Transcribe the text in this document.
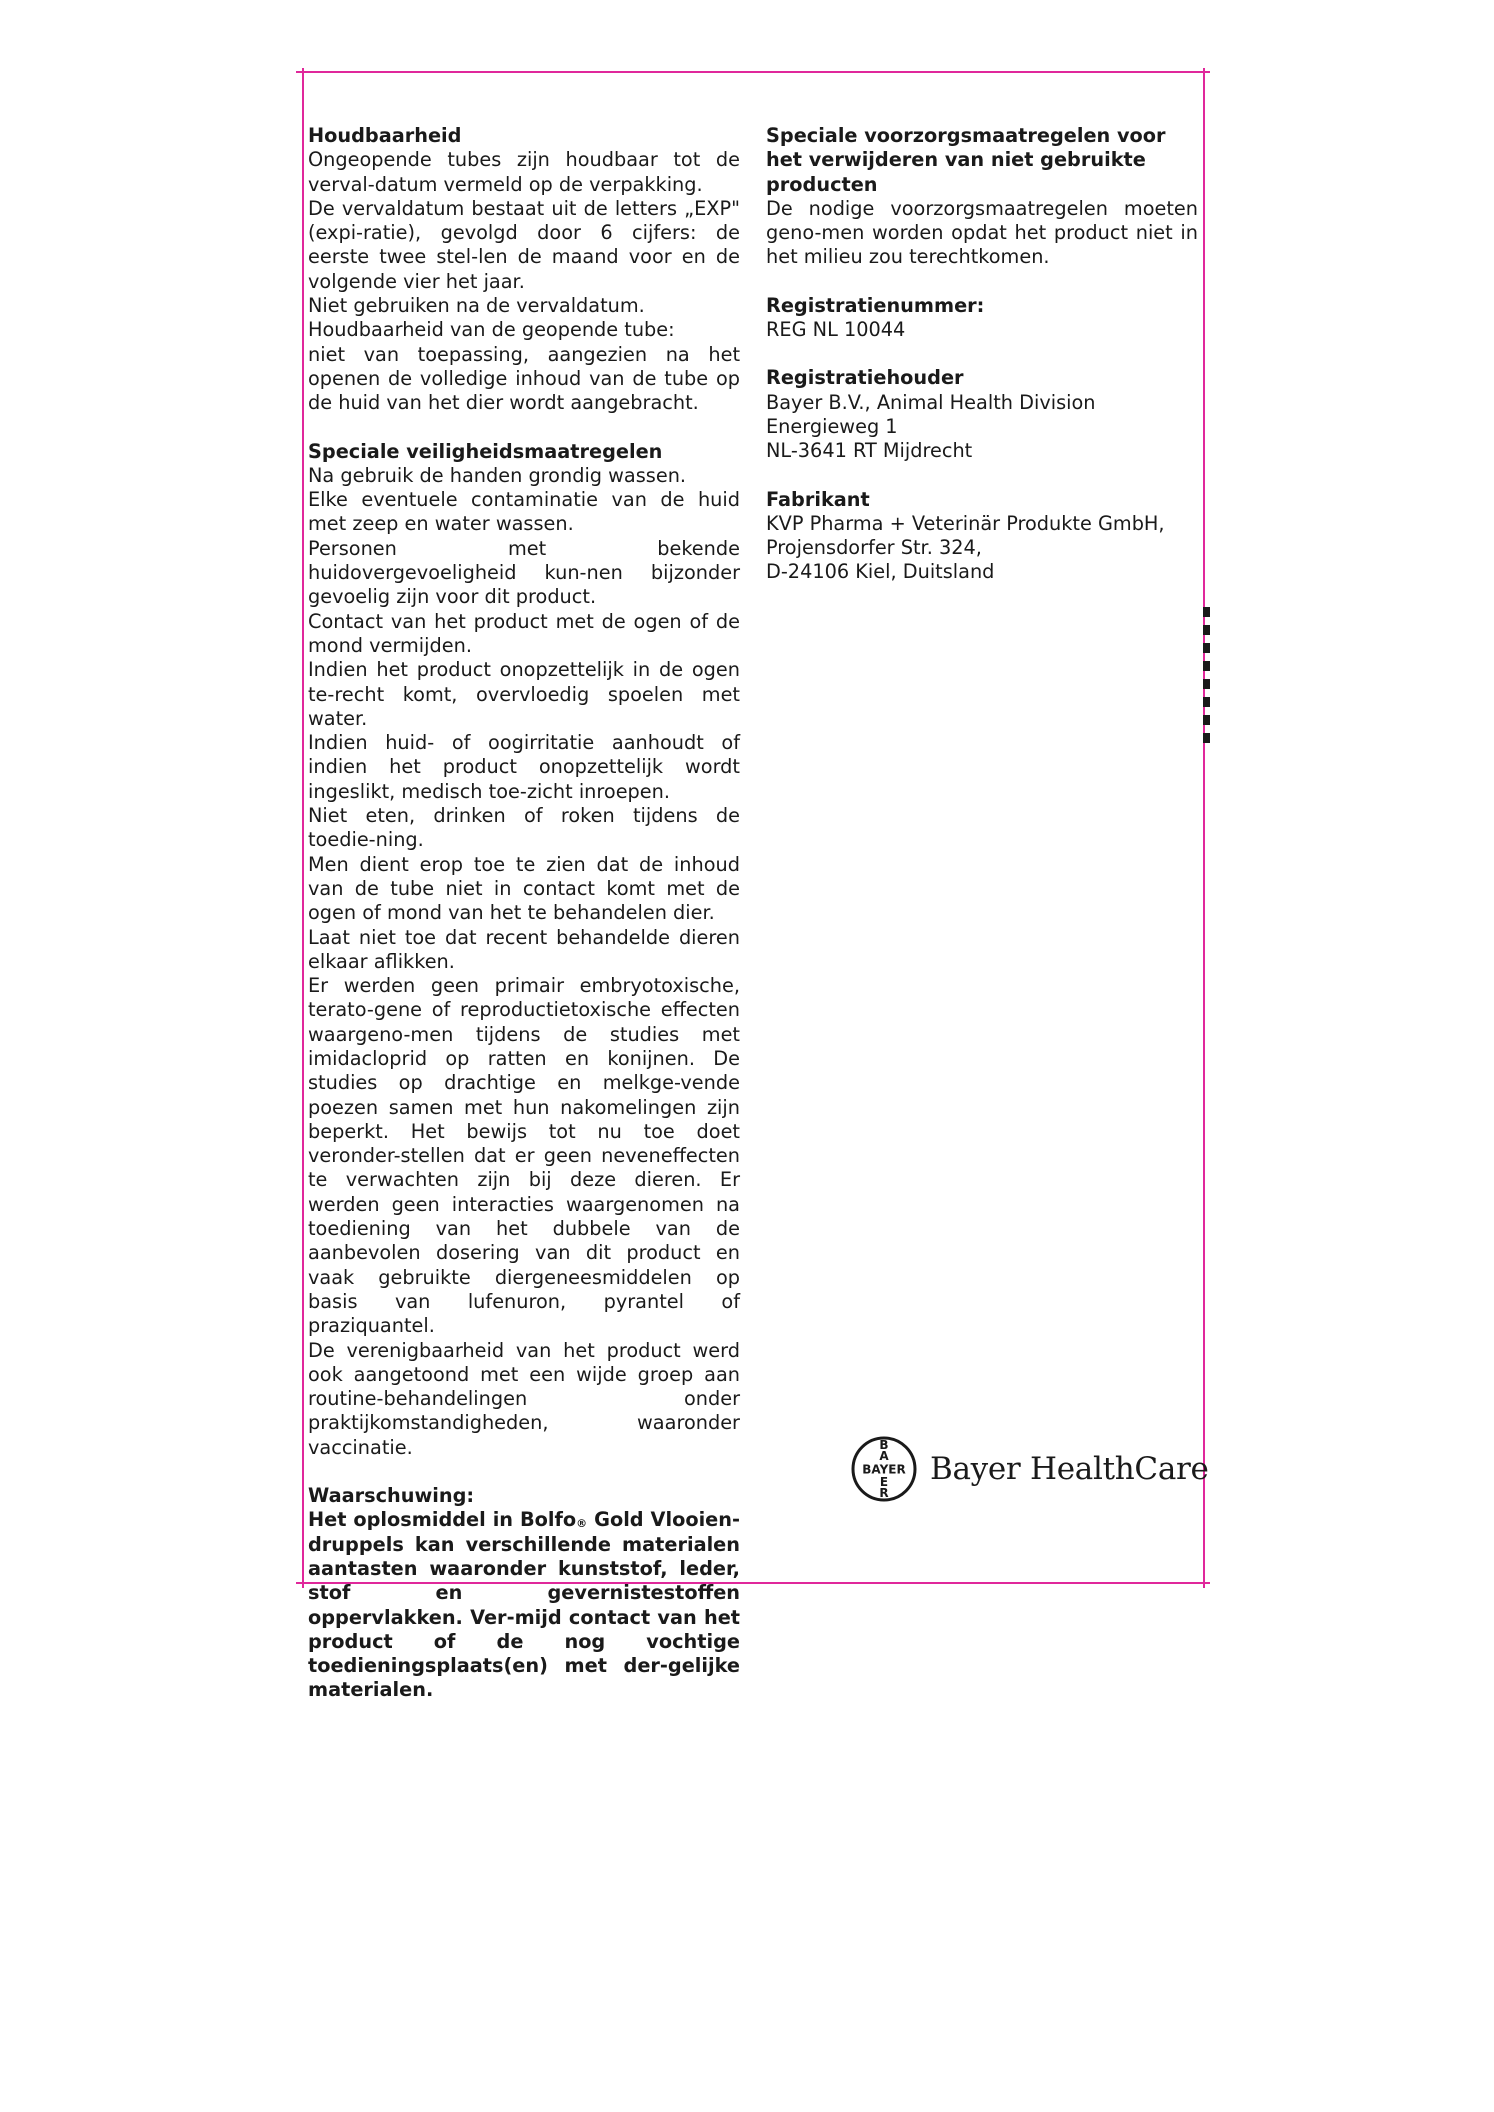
Houdbaarheid

Ongeopende tubes zijn houdbaar tot de verval-datum vermeld op de verpakking.

De vervaldatum bestaat uit de letters „EXP" (expi-ratie), gevolgd door 6 cijfers: de eerste twee stel-len de maand voor en de volgende vier het jaar.

Niet gebruiken na de vervaldatum.

Houdbaarheid van de geopende tube:

niet van toepassing, aangezien na het openen de volledige inhoud van de tube op de huid van het dier wordt aangebracht.

Speciale veiligheidsmaatregelen

Na gebruik de handen grondig wassen.

Elke eventuele contaminatie van de huid met zeep en water wassen.

Personen met bekende huidovergevoeligheid kun-nen bijzonder gevoelig zijn voor dit product.

Contact van het product met de ogen of de mond vermijden.

Indien het product onopzettelijk in de ogen te-recht komt, overvloedig spoelen met water.

Indien huid- of oogirritatie aanhoudt of indien het product onopzettelijk wordt ingeslikt, medisch toe-zicht inroepen.

Niet eten, drinken of roken tijdens de toedie-ning.

Men dient erop toe te zien dat de inhoud van de tube niet in contact komt met de ogen of mond van het te behandelen dier.

Laat niet toe dat recent behandelde dieren elkaar aflikken.

Er werden geen primair embryotoxische, terato-gene of reproductietoxische effecten waargeno-men tijdens de studies met imidacloprid op ratten en konijnen. De studies op drachtige en melkge-vende poezen samen met hun nakomelingen zijn beperkt. Het bewijs tot nu toe doet veronder-stellen dat er geen neveneffecten te verwachten zijn bij deze dieren. Er werden geen interacties waargenomen na toediening van het dubbele van de aanbevolen dosering van dit product en vaak gebruikte diergeneesmiddelen op basis van lufenuron, pyrantel of praziquantel.

De verenigbaarheid van het product werd ook aangetoond met een wijde groep aan routine-behandelingen onder praktijkomstandigheden, waaronder vaccinatie.

Waarschuwing:

Het oplosmiddel in Bolfo® Gold Vlooien-druppels kan verschillende materialen aantasten waaronder kunststof, leder, stof en gevernistestoffen oppervlakken. Ver-mijd contact van het product of de nog vochtige toedieningsplaats(en) met der-gelijke materialen.

Speciale voorzorgsmaatregelen voor het verwijderen van niet gebruikte producten

De nodige voorzorgsmaatregelen moeten geno-men worden opdat het product niet in het milieu zou terechtkomen.

Registratienummer:

REG NL 10044

Registratiehouder

Bayer B.V., Animal Health Division

Energieweg 1

NL-3641 RT Mijdrecht

Fabrikant

KVP Pharma + Veterinär Produkte GmbH,

Projensdorfer Str. 324,

D-24106 Kiel, Duitsland

BAYER
B
A
E
R
Bayer HealthCare
